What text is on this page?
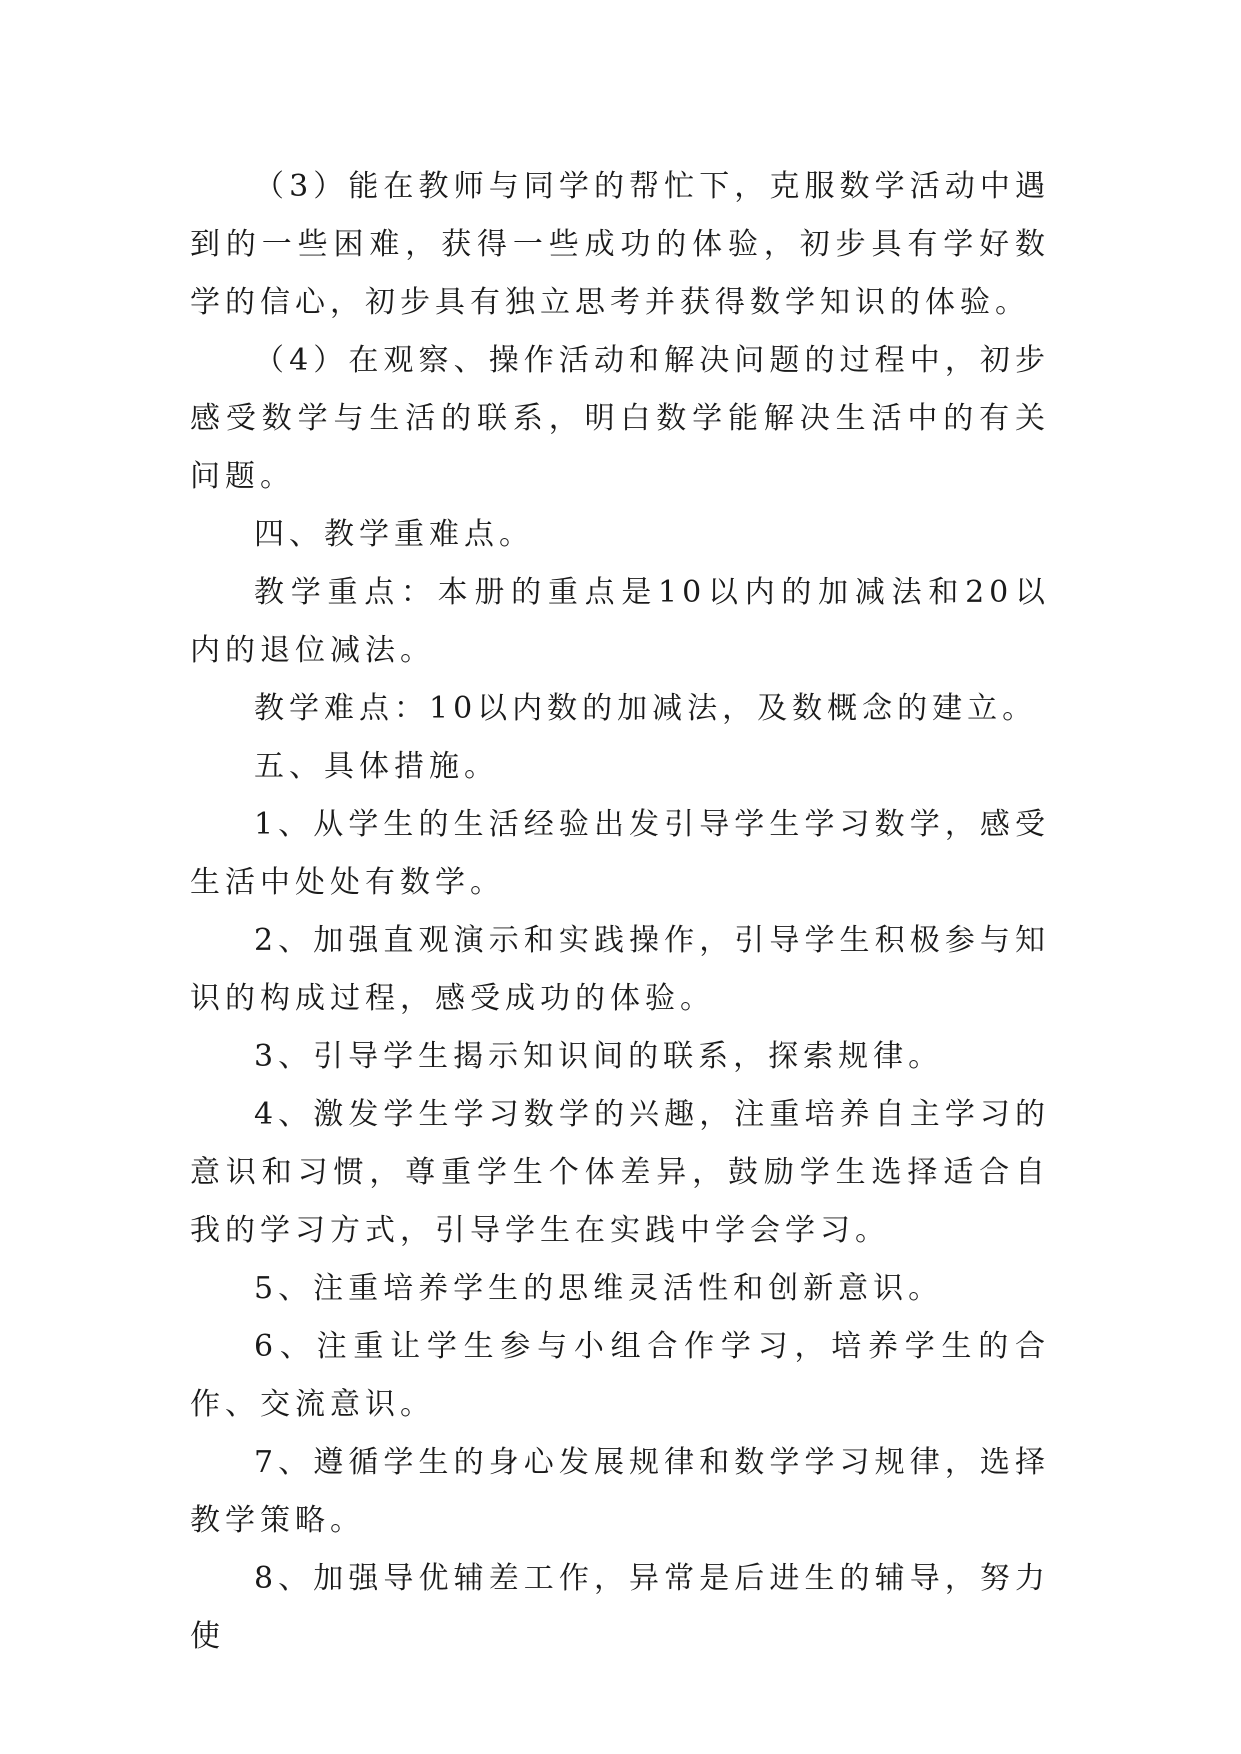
（3）能在教师与同学的帮忙下，克服数学活动中遇到的一些困难，获得一些成功的体验，初步具有学好数学的信心，初步具有独立思考并获得数学知识的体验。

（4）在观察、操作活动和解决问题的过程中，初步感受数学与生活的联系，明白数学能解决生活中的有关问题。

四、教学重难点。

教学重点：本册的重点是10以内的加减法和20以内的退位减法。

教学难点：10以内数的加减法，及数概念的建立。

五、具体措施。

1、从学生的生活经验出发引导学生学习数学，感受生活中处处有数学。

2、加强直观演示和实践操作，引导学生积极参与知识的构成过程，感受成功的体验。

3、引导学生揭示知识间的联系，探索规律。

4、激发学生学习数学的兴趣，注重培养自主学习的意识和习惯，尊重学生个体差异，鼓励学生选择适合自我的学习方式，引导学生在实践中学会学习。

5、注重培养学生的思维灵活性和创新意识。

6、注重让学生参与小组合作学习，培养学生的合作、交流意识。

7、遵循学生的身心发展规律和数学学习规律，选择教学策略。

8、加强导优辅差工作，异常是后进生的辅导，努力使
